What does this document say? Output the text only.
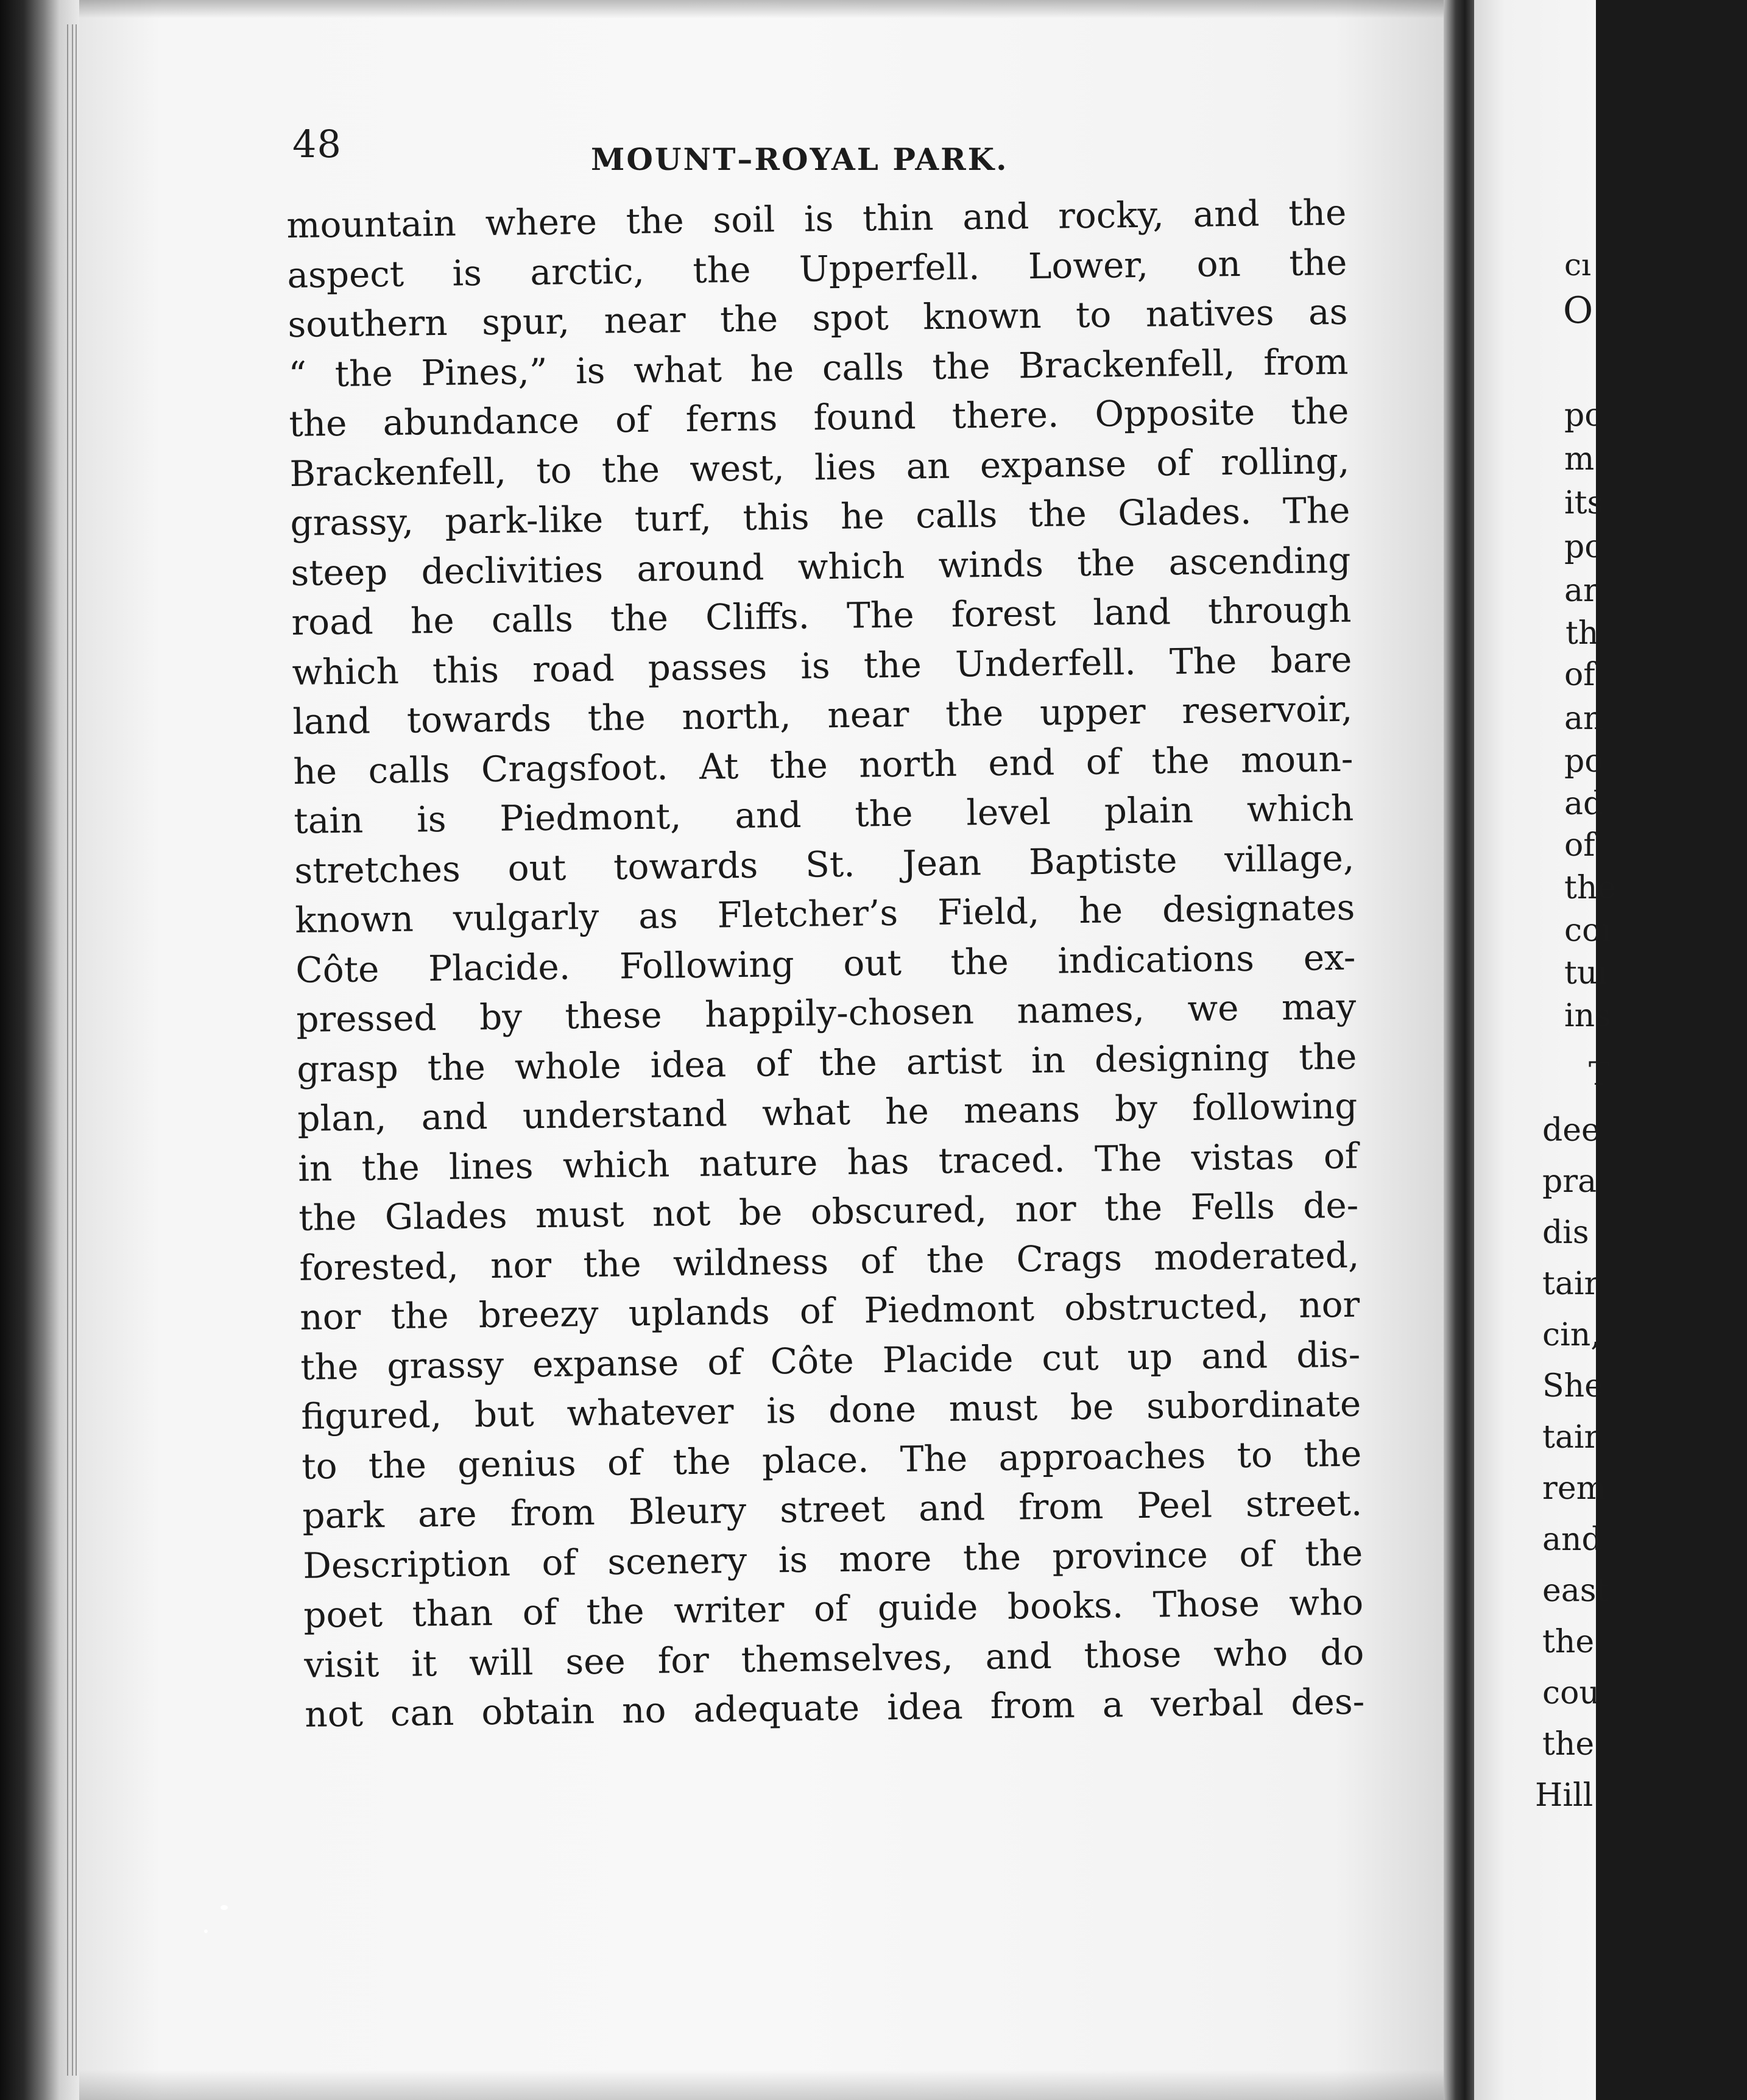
48	MOUNT–ROYAL PARK.
mountain where the soil is thin and rocky, and the
aspect is arctic, the Upperfell. Lower, on the
southern spur, near the spot known to natives as
“ the Pines,” is what he calls the Brackenfell, from
the abundance of ferns found there. Opposite the
Brackenfell, to the west, lies an expanse of rolling,
grassy, park-like turf, this he calls the Glades. The
steep declivities around which winds the ascending
road he calls the Cliffs. The forest land through
which this road passes is the Underfell. The bare
land towards the north, near the upper reservoir,
he calls Cragsfoot. At the north end of the moun-
tain is Piedmont, and the level plain which
stretches out towards St. Jean Baptiste village,
known vulgarly as Fletcher’s Field, he designates
Côte Placide. Following out the indications ex-
pressed by these happily-chosen names, we may
grasp the whole idea of the artist in designing the
plan, and understand what he means by following
in the lines which nature has traced. The vistas of
the Glades must not be obscured, nor the Fells de-
forested, nor the wildness of the Crags moderated,
nor the breezy uplands of Piedmont obstructed, nor
the grassy expanse of Côte Placide cut up and dis-
figured, but whatever is done must be subordinate
to the genius of the place. The approaches to the
park are from Bleury street and from Peel street.
Description of scenery is more the province of the
poet than of the writer of guide books. Those who
visit it will see for themselves, and those who do
not can obtain no adequate idea from a verbal des-
cı
O
pc
m
its
pc
ar
th
of
an
po
ad
of
the
coı
tuı
ins
T
dee
pra
dis
tair
cin,
She
tair
rem
and
east
the
cou
the
Hill
